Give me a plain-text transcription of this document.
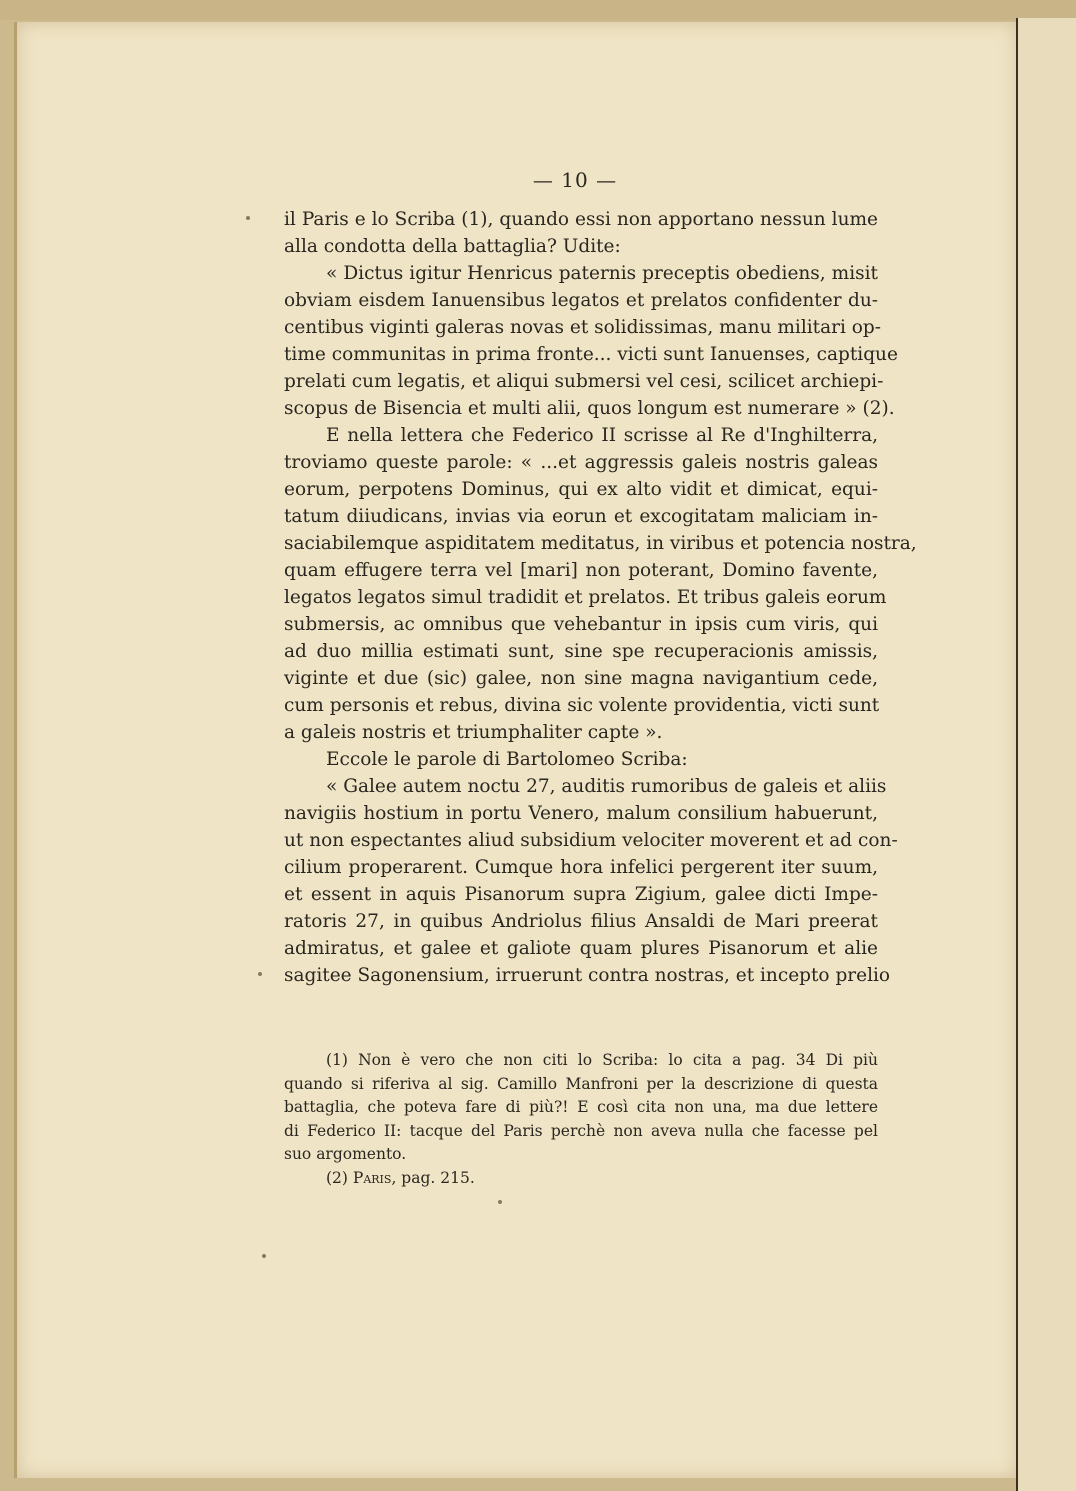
— 10 —
il Paris e lo Scriba (1), quando essi non apportano nessun lume
alla condotta della battaglia? Udite:
« Dictus igitur Henricus paternis preceptis obediens, misit
obviam eisdem Ianuensibus legatos et prelatos confidenter du-
centibus viginti galeras novas et solidissimas, manu militari op-
time communitas in prima fronte... victi sunt Ianuenses, captique
prelati cum legatis, et aliqui submersi vel cesi, scilicet archiepi-
scopus de Bisencia et multi alii, quos longum est numerare » (2).
E nella lettera che Federico II scrisse al Re d'Inghilterra,
troviamo queste parole: « ...et aggressis galeis nostris galeas
eorum, perpotens Dominus, qui ex alto vidit et dimicat, equi-
tatum diiudicans, invias via eorun et excogitatam maliciam in-
saciabilemque aspiditatem meditatus, in viribus et potencia nostra,
quam effugere terra vel [mari] non poterant, Domino favente,
legatos legatos simul tradidit et prelatos. Et tribus galeis eorum
submersis, ac omnibus que vehebantur in ipsis cum viris, qui
ad duo millia estimati sunt, sine spe recuperacionis amissis,
viginte et due (sic) galee, non sine magna navigantium cede,
cum personis et rebus, divina sic volente providentia, victi sunt
a galeis nostris et triumphaliter capte ».
Eccole le parole di Bartolomeo Scriba:
« Galee autem noctu 27, auditis rumoribus de galeis et aliis
navigiis hostium in portu Venero, malum consilium habuerunt,
ut non espectantes aliud subsidium velociter moverent et ad con-
cilium properarent. Cumque hora infelici pergerent iter suum,
et essent in aquis Pisanorum supra Zigium, galee dicti Impe-
ratoris 27, in quibus Andriolus filius Ansaldi de Mari preerat
admiratus, et galee et galiote quam plures Pisanorum et alie
sagitee Sagonensium, irruerunt contra nostras, et incepto prelio
(1) Non è vero che non citi lo Scriba: lo cita a pag. 34 Di più
quando si riferiva al sig. Camillo Manfroni per la descrizione di questa
battaglia, che poteva fare di più?! E così cita non una, ma due lettere
di Federico II: tacque del Paris perchè non aveva nulla che facesse pel
suo argomento.
(2) Paris, pag. 215.
